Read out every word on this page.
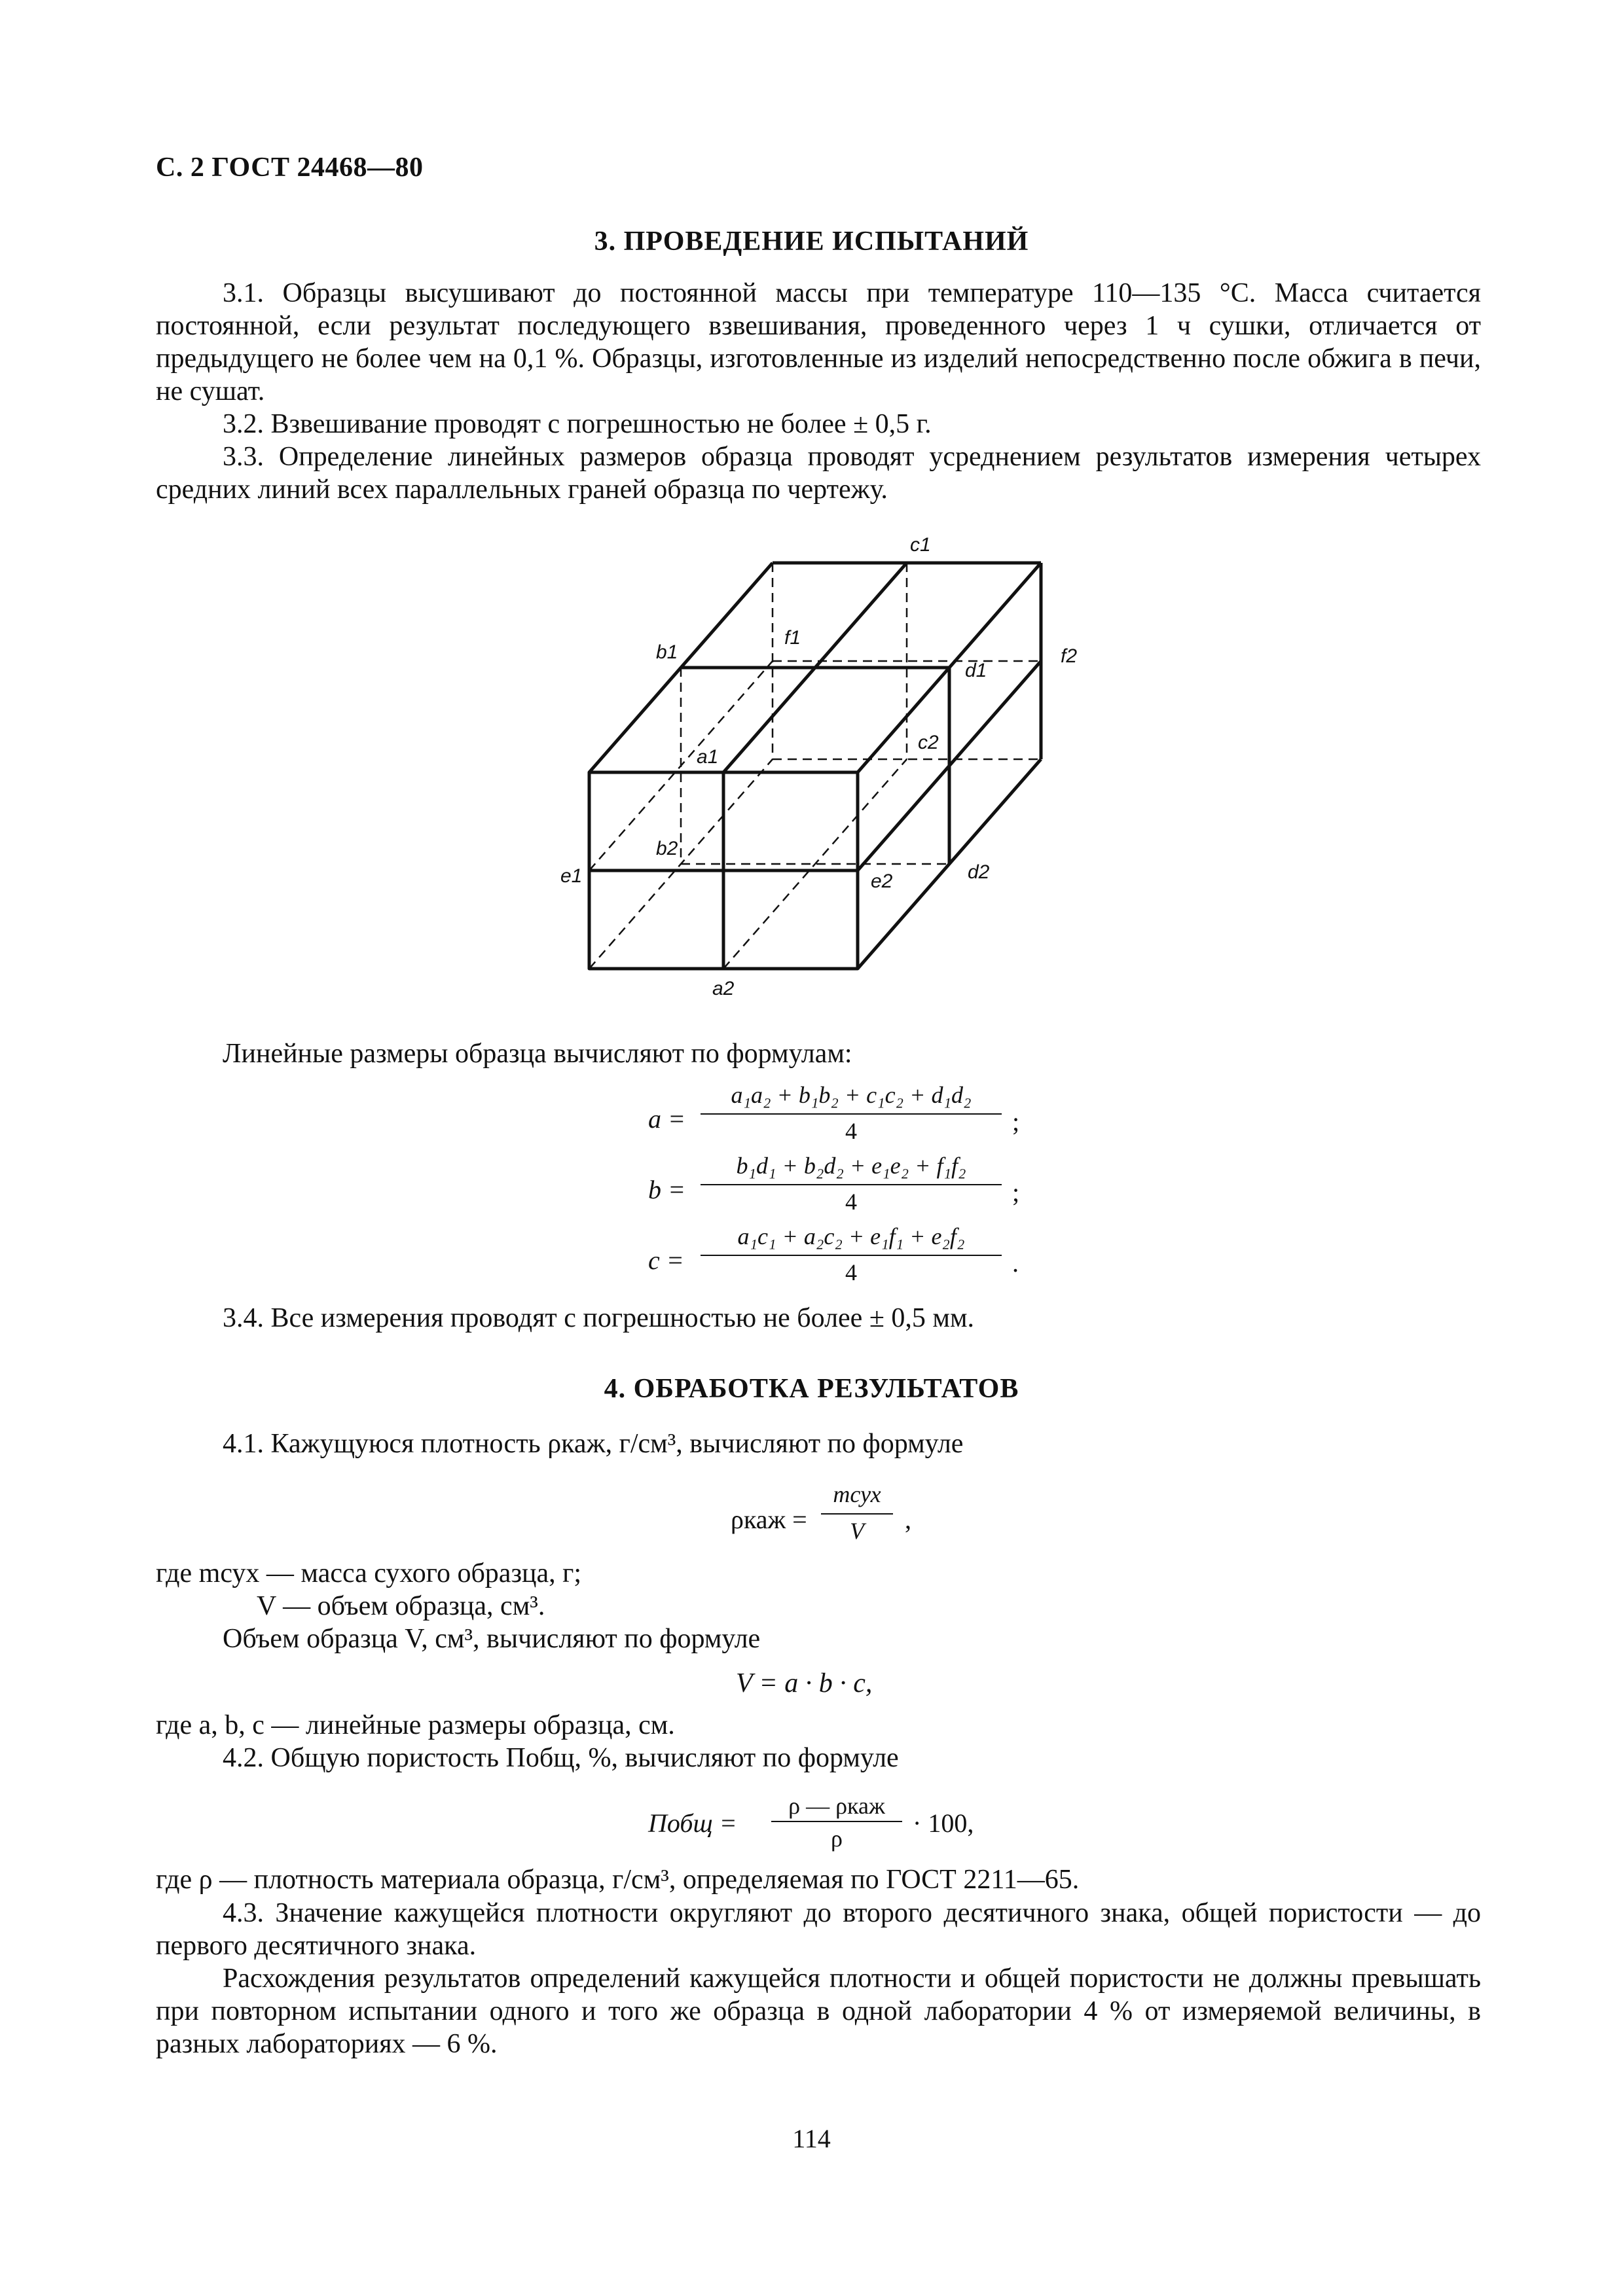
С. 2 ГОСТ 24468—80
3. ПРОВЕДЕНИЕ ИСПЫТАНИЙ
3.1. Образцы высушивают до постоянной массы при температуре 110—135 °С. Масса считается постоянной, если результат последующего взвешивания, проведенного через 1 ч сушки, отличается от предыдущего не более чем на 0,1 %. Образцы, изготовленные из изделий непосредственно после обжига в печи, не сушат.
3.2. Взвешивание проводят с погрешностью не более ± 0,5 г.
3.3. Определение линейных размеров образца проводят усреднением результатов измерения четырех средних линий всех параллельных граней образца по чертежу.
c1
f1
f2
b1
d1
a1
c2
b2
e1	e2	d2
a2
Линейные размеры образца вычисляют по формулам:
a =
a₁a₂ + b₁b₂ + c₁c₂ + d₁d₂
4	;
b =
b₁d₁ + b₂d₂ + e₁e₂ + f₁f₂
4	;
c =
a₁c₁ + a₂c₂ + e₁f₁ + e₂f₂
4	.
3.4. Все измерения проводят с погрешностью не более ± 0,5 мм.
4. ОБРАБОТКА РЕЗУЛЬТАТОВ
4.1. Кажущуюся плотность ρкаж, г/см³, вычисляют по формуле
ρкаж =
mсух
V	,
где mсух — масса сухого образца, г;
V — объем образца, см³.
Объем образца V, см³, вычисляют по формуле
V = a · b · c,
где a, b, c — линейные размеры образца, см.
4.2. Общую пористость Побщ, %, вычисляют по формуле
Побщ =
ρ — ρкаж
ρ
· 100,
где ρ — плотность материала образца, г/см³, определяемая по ГОСТ 2211—65.
4.3. Значение кажущейся плотности округляют до второго десятичного знака, общей пористости — до первого десятичного знака.
Расхождения результатов определений кажущейся плотности и общей пористости не должны превышать при повторном испытании одного и того же образца в одной лаборатории 4 % от измеряемой величины, в разных лабораториях — 6 %.
114
